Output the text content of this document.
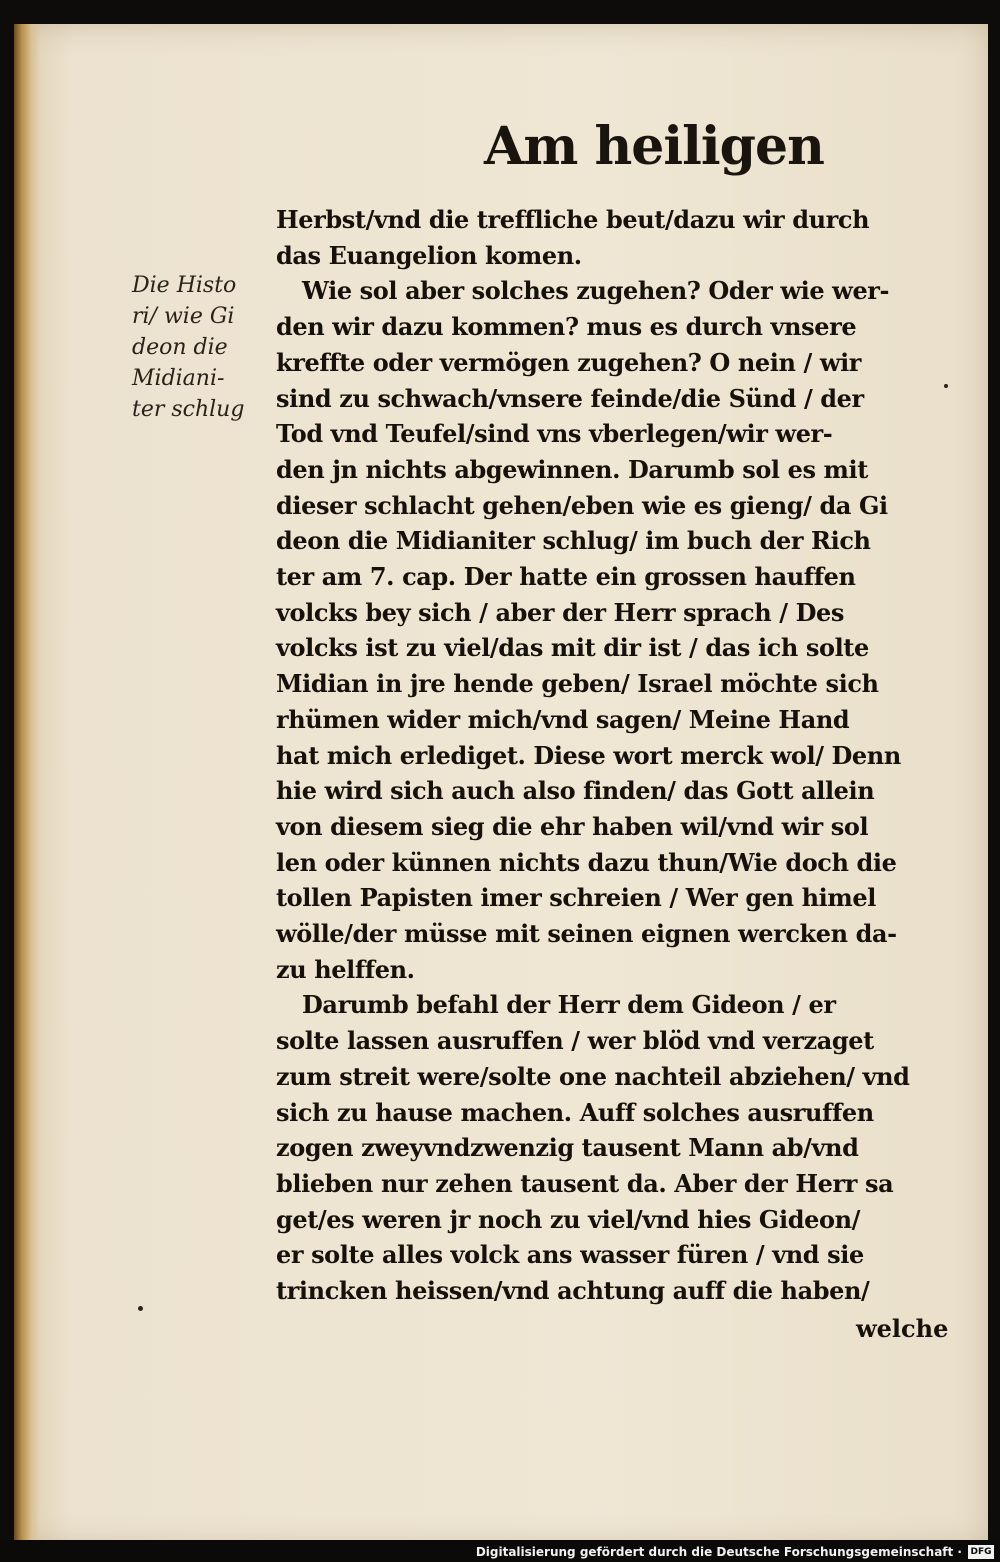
Am heiligen
Die Histo
ri/ wie Gi
deon die
Midiani-
ter schlug
Herbst/vnd die treffliche beut/dazu wir durch
das Euangelion komen.
Wie sol aber solches zugehen? Oder wie wer-
den wir dazu kommen? mus es durch vnsere
kreffte oder vermögen zugehen? O nein / wir
sind zu schwach/vnsere feinde/die Sünd / der
Tod vnd Teufel/sind vns vberlegen/wir wer-
den jn nichts abgewinnen. Darumb sol es mit
dieser schlacht gehen/eben wie es gieng/ da Gi
deon die Midianiter schlug/ im buch der Rich
ter am 7. cap. Der hatte ein grossen hauffen
volcks bey sich / aber der Herr sprach / Des
volcks ist zu viel/das mit dir ist / das ich solte
Midian in jre hende geben/ Israel möchte sich
rhümen wider mich/vnd sagen/ Meine Hand
hat mich erlediget. Diese wort merck wol/ Denn
hie wird sich auch also finden/ das Gott allein
von diesem sieg die ehr haben wil/vnd wir sol
len oder künnen nichts dazu thun/Wie doch die
tollen Papisten imer schreien / Wer gen himel
wölle/der müsse mit seinen eignen wercken da-
zu helffen.
Darumb befahl der Herr dem Gideon / er
solte lassen ausruffen / wer blöd vnd verzaget
zum streit were/solte one nachteil abziehen/ vnd
sich zu hause machen. Auff solches ausruffen
zogen zweyvndzwenzig tausent Mann ab/vnd
blieben nur zehen tausent da. Aber der Herr sa
get/es weren jr noch zu viel/vnd hies Gideon/
er solte alles volck ans wasser füren / vnd sie
trincken heissen/vnd achtung auff die haben/
welche
Digitalisierung gefördert durch die Deutsche Forschungsgemeinschaft · DFG
